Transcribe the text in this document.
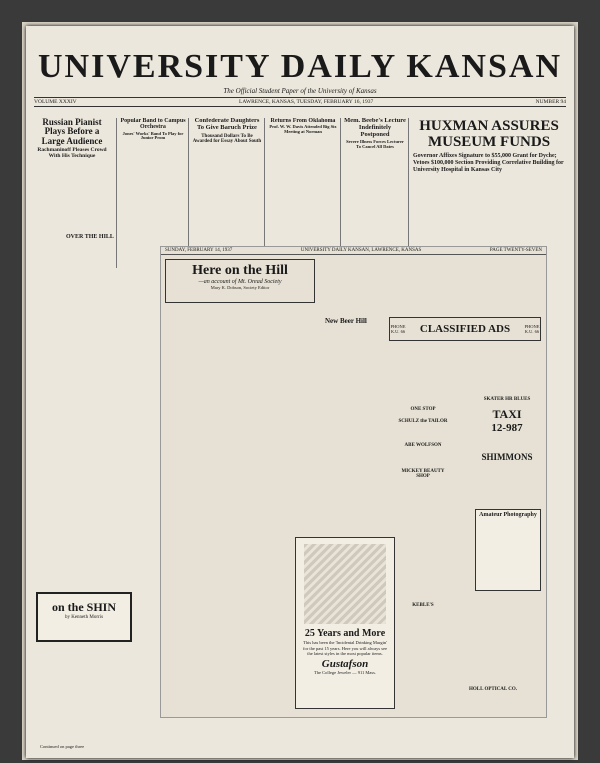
UNIVERSITY DAILY KANSAN
The Official Student Paper of the University of Kansas
VOLUME XXXIV	LAWRENCE, KANSAS, TUESDAY, FEBRUARY 16, 1937	NUMBER 94
Russian Pianist Plays Before a Large Audience
Rachmaninoff Pleases Crowd With His Technique
Popular Band to Campus Orchestra
Jones' Works' Band To Play for Junior Prom
Confederate Daughters To Give Baruch Prize
Thousand Dollars To Be Awarded for Essay About South
Returns From Oklahoma
Prof. W. W. Davis Attended Big Six Meeting at Norman
Mem. Beebe's Lecture Indefinitely Postponed
Severe Illness Forces Lecturer To Cancel All Dates
HUXMAN ASSURES MUSEUM FUNDS
Governor Affixes Signature to $55,000 Grant for Dyche; Vetoes $100,000 Section Providing Correlative Building for University Hospital in Kansas City
on the SHIN
by Kenneth Morris
SUNDAY, FEBRUARY 14, 1937	UNIVERSITY DAILY KANSAN, LAWRENCE, KANSAS	PAGE TWENTY-SEVEN
Here on the Hill
—an account of Mt. Oread Society
Mary K. Dobson, Society Editor
New Beer Hill
PHONE K.U. 66 CLASSIFIED ADS	PHONE K.U. 66
ONE STOP
SCHULZ the TAILOR
ABE WOLFSON
MICKEY BEAUTY SHOP
KEBLE'S
SKATER HR BLUES
TAXI
12-987
SHIMMONS
Amateur Photography
25 Years and More
This has been the 'Incidental Drinking Margin' for the past 15 years. Here you will always see the latest styles in the most popular items.
Gustafson
The College Jeweler — 911 Mass.
HOLL OPTICAL CO.
OVER THE HILL
Continued on page three
